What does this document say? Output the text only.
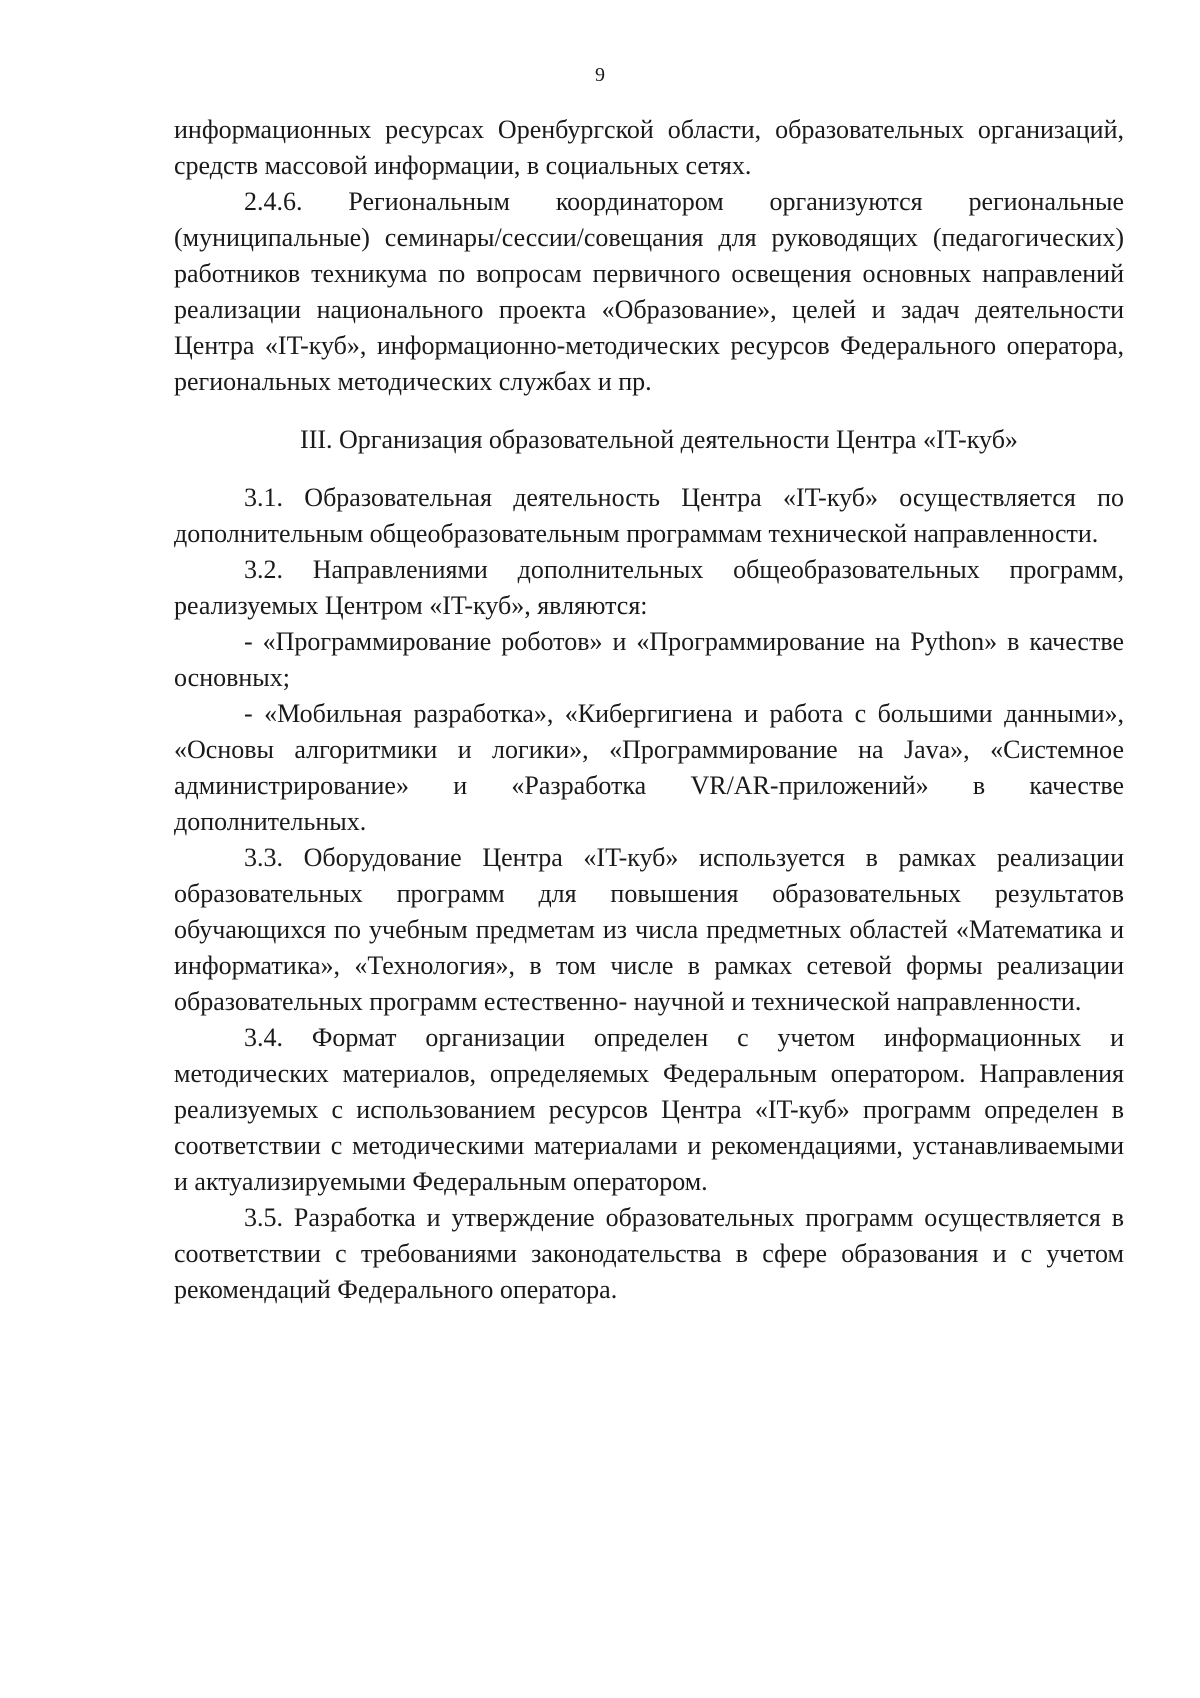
9

информационных ресурсах Оренбургской области, образовательных организаций, средств массовой информации, в социальных сетях.

2.4.6. Региональным координатором организуются региональные (муниципальные) семинары/сессии/совещания для руководящих (педагогических) работников техникума по вопросам первичного освещения основных направлений реализации национального проекта «Образование», целей и задач деятельности Центра «IT-куб», информационно-методических ресурсов Федерального оператора, региональных методических службах и пр.

III. Организация образовательной деятельности Центра «IT-куб»

3.1. Образовательная деятельность Центра «IT-куб» осуществляется по дополнительным общеобразовательным программам технической направленности.

3.2. Направлениями дополнительных общеобразовательных программ, реализуемых Центром «IT-куб», являются:

- «Программирование роботов» и «Программирование на Python» в качестве основных;

- «Мобильная разработка», «Кибергигиена и работа с большими данными», «Основы алгоритмики и логики», «Программирование на Java», «Системное администрирование» и «Разработка VR/AR-приложений» в качестве дополнительных.

3.3. Оборудование Центра «IT-куб» используется в рамках реализации образовательных программ для повышения образовательных результатов обучающихся по учебным предметам из числа предметных областей «Математика и информатика», «Технология», в том числе в рамках сетевой формы реализации образовательных программ естественно- научной и технической направленности.

3.4. Формат организации определен с учетом информационных и методических материалов, определяемых Федеральным оператором. Направления реализуемых с использованием ресурсов Центра «IT-куб» программ определен в соответствии с методическими материалами и рекомендациями, устанавливаемыми и актуализируемыми Федеральным оператором.

3.5. Разработка и утверждение образовательных программ осуществляется в соответствии с требованиями законодательства в сфере образования и с учетом рекомендаций Федерального оператора.
